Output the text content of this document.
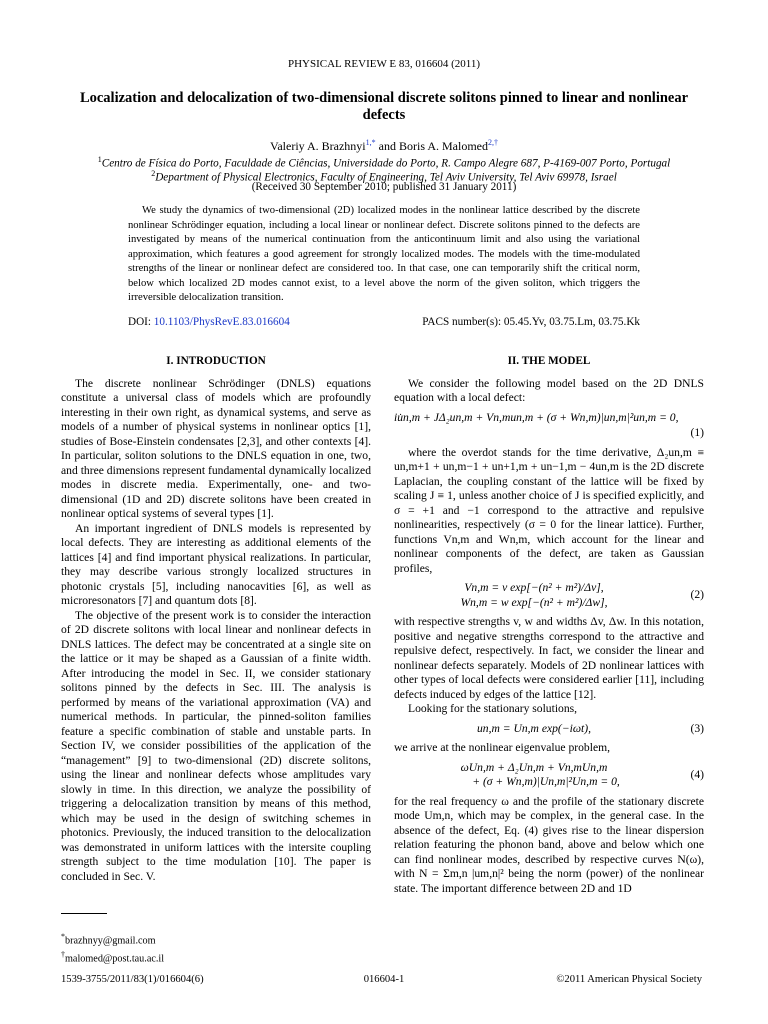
PHYSICAL REVIEW E 83, 016604 (2011)
Localization and delocalization of two-dimensional discrete solitons pinned to linear and nonlinear defects
Valeriy A. Brazhnyi$^{1,*}$ and Boris A. Malomed$^{2,\dagger}$
$^1$Centro de Física do Porto, Faculdade de Ciências, Universidade do Porto, R. Campo Alegre 687, P-4169-007 Porto, Portugal
$^2$Department of Physical Electronics, Faculty of Engineering, Tel Aviv University, Tel Aviv 69978, Israel
(Received 30 September 2010; published 31 January 2011)
We study the dynamics of two-dimensional (2D) localized modes in the nonlinear lattice described by the discrete nonlinear Schrödinger equation, including a local linear or nonlinear defect. Discrete solitons pinned to the defects are investigated by means of the numerical continuation from the anticontinuum limit and also using the variational approximation, which features a good agreement for strongly localized modes. The models with the time-modulated strengths of the linear or nonlinear defect are considered too. In that case, one can temporarily shift the critical norm, below which localized 2D modes cannot exist, to a level above the norm of the given soliton, which triggers the irreversible delocalization transition.
DOI: 10.1103/PhysRevE.83.016604	PACS number(s): 05.45.Yv, 03.75.Lm, 03.75.Kk

I. INTRODUCTION

The discrete nonlinear Schrödinger (DNLS) equations constitute a universal class of models which are profoundly interesting in their own right, as dynamical systems, and serve as models of a number of physical systems in nonlinear optics [1], studies of Bose-Einstein condensates [2,3], and other contexts [4]. In particular, soliton solutions to the DNLS equation in one, two, and three dimensions represent fundamental dynamically localized modes in discrete media. Experimentally, one- and two-dimensional (1D and 2D) discrete solitons have been created in nonlinear optical systems of several types [1].

An important ingredient of DNLS models is represented by local defects. They are interesting as additional elements of the lattices [4] and find important physical realizations. In particular, they may describe various strongly localized structures in photonic crystals [5], including nanocavities [6], as well as microresonators [7] and quantum dots [8].

The objective of the present work is to consider the interaction of 2D discrete solitons with local linear and nonlinear defects in DNLS lattices. The defect may be concentrated at a single site on the lattice or it may be shaped as a Gaussian of a finite width. After introducing the model in Sec. II, we consider stationary solitons pinned by the defects in Sec. III. The analysis is performed by means of the variational approximation (VA) and numerical methods. In particular, the pinned-soliton families feature a specific combination of stable and unstable parts. In Section IV, we consider possibilities of the application of the “management” [9] to two-dimensional (2D) discrete solitons, using the linear and nonlinear defects whose amplitudes vary slowly in time. In this direction, we analyze the possibility of triggering a delocalization transition by means of this method, which may be used in the design of switching schemes in photonics. Previously, the induced transition to the delocalization was demonstrated in uniform lattices with the intersite coupling strength subject to the time modulation [10]. The paper is concluded in Sec. V.

II. THE MODEL

We consider the following model based on the 2D DNLS equation with a local defect:

iu̇n,m + JΔ₂un,m + Vn,mun,m + (σ + Wn,m)|un,m|²un,m = 0,
(1)

where the overdot stands for the time derivative, Δ₂un,m ≡ un,m+1 + un,m−1 + un+1,m + un−1,m − 4un,m is the 2D discrete Laplacian, the coupling constant of the lattice will be fixed by scaling J ≡ 1, unless another choice of J is specified explicitly, and σ = +1 and −1 correspond to the attractive and repulsive nonlinearities, respectively (σ = 0 for the linear lattice). Further, functions Vn,m and Wn,m, which account for the linear and nonlinear components of the defect, are taken as Gaussian profiles,

Vn,m = v exp[−(n² + m²)/Δv],
Wn,m = w exp[−(n² + m²)/Δw],
(2)

with respective strengths v, w and widths Δv, Δw. In this notation, positive and negative strengths correspond to the attractive and repulsive defect, respectively. In fact, we consider the linear and nonlinear defects separately. Models of 2D nonlinear lattices with other types of local defects were considered earlier [11], including defects induced by edges of the lattice [12].

Looking for the stationary solutions,

un,m = Un,m exp(−iωt),	(3)

we arrive at the nonlinear eigenvalue problem,

ωUn,m + Δ₂Un,m + Vn,mUn,m
+ (σ + Wn,m)|Un,m|²Un,m = 0,
(4)

for the real frequency ω and the profile of the stationary discrete mode Um,n, which may be complex, in the general case. In the absence of the defect, Eq. (4) gives rise to the linear dispersion relation featuring the phonon band, above and below which one can find nonlinear modes, described by respective curves N(ω), with N = Σm,n |um,n|² being the norm (power) of the nonlinear state. The important difference between 2D and 1D

*brazhnyy@gmail.com
†malomed@post.tau.ac.il
1539-3755/2011/83(1)/016604(6)	016604-1	©2011 American Physical Society
